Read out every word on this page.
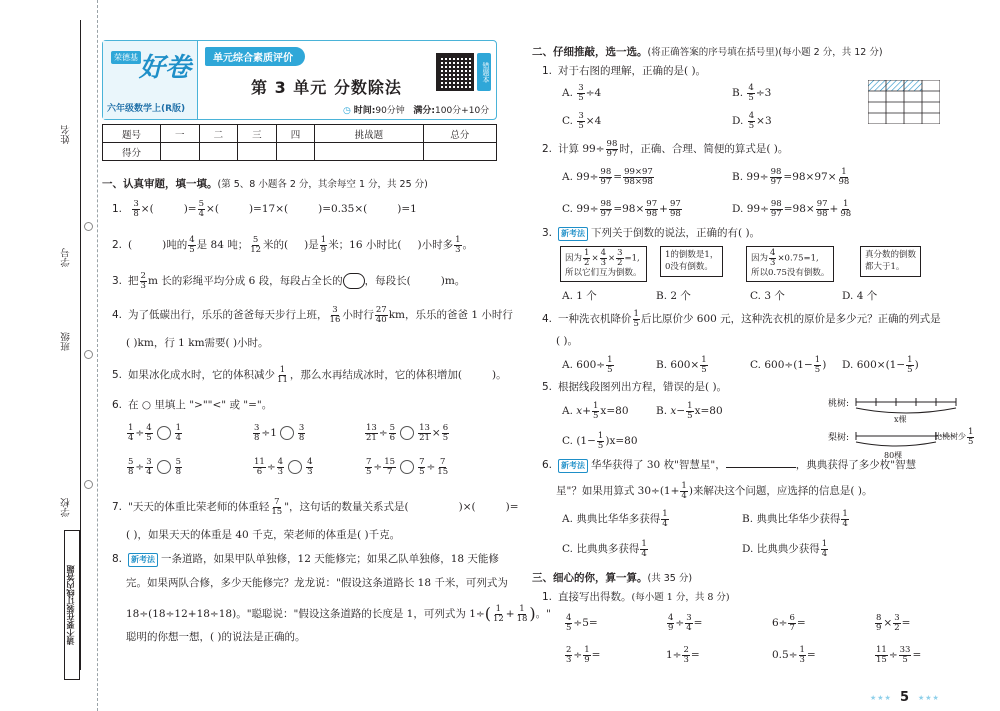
姓名
学号
班级
学校
请不要在装订线内答题
荣德基 好卷
六年级数学上(R版)
单元综合素质评价
第 3 单元 分数除法
错题本
◷ 时间:90分钟 满分:100分+10分
题号	一	二	三	四	挑战题	总分
得分						
一、认真审题，填一填。(第 5、8 小题各 2 分，其余每空 1 分，共 25 分)
1. $\frac{3}{8}$ ×(	)= $\frac{5}{4}$ ×(	)=17×(	)=0.35×(	)=1
2. (	)吨的 $\frac{4}{5}$ 是 84 吨； $\frac{5}{12}$ 米的( )是 $\frac{1}{9}$ 米；16 小时比( )小时多 $\frac{1}{3}$ 。
3. 把 $\frac{2}{3}$ m 长的彩绳平均分成 6 段，每段占全长的 ，每段长(	)m。
4. 为了低碳出行，乐乐的爸爸每天步行上班， $\frac{3}{16}$ 小时行 $\frac{27}{40}$ km，乐乐的爸爸 1 小时行
( )km，行 1 km需要( )小时。
5. 如果冰化成水时，它的体积减少 $\frac{1}{11}$ ，那么水再结成冰时，它的体积增加(	)。
6. 在 ○ 里填上 ">""<" 或 "="。
$\frac{1}{4} \div \frac{4}{5}$	$\frac{1}{4}$	$\frac{3}{8} \div 1 \frac{3}{8}$	$\frac{13}{21} \div \frac{5}{6}$	$\frac{13}{21} \times \frac{6}{5}$
$\frac{5}{8} \div \frac{3}{4}$	$\frac{5}{8}$	$\frac{11}{6} \div \frac{4}{3}$	$\frac{4}{3}$	$\frac{7}{5} \div \frac{15}{7}$	$\frac{7}{5} \div \frac{7}{15}$
7. "天天的体重比荣老师的体重轻 $\frac{7}{15}$ "，这句话的数量关系式是(	)×(	)=
( )，如果天天的体重是 40 千克，荣老师的体重是( )千克。
8. 新考法 一条道路，如果甲队单独修，12 天能修完；如果乙队单独修，18 天能修
完。如果两队合修，多少天能修完？龙龙说："假设这条道路长 18 千米，可列式为
18÷(18÷12+18÷18)。"聪聪说："假设这条道路的长度是 1，可列式为 $1\div( \frac{1}{12} + \frac{1}{18}$ )。"
聪明的你想一想，( )的说法是正确的。
二、仔细推敲，选一选。(将正确答案的序号填在括号里)(每小题 2 分，共 12 分)
1. 对于右图的理解，正确的是( )。
A. $\frac{3}{5} \div 4$	B. $\frac{4}{5} \div 3$
C. $\frac{3}{5} \times 4$	D. $\frac{4}{5} \times 3$
2. 计算 $99\div \frac{98}{97}$ 时，正确、合理、简便的算式是( )。
A. $99\div \frac{98}{97} = \frac{99\times 97}{98\times 98}$	B. $99\div \frac{98}{97} =98\times 97\times \frac{1}{98}$
C. $99\div \frac{98}{97} =98\times \frac{97}{98} + \frac{97}{98}$	D. $99\div \frac{98}{97} =98\times \frac{97}{98} + \frac{1}{98}$
3. 新考法 下列关于倒数的说法，正确的有( )。
因为 $\frac{1}{2} \times \frac{4}{3} \times \frac{3}{2} =1$,
所以它们互为倒数。
1的倒数是1，
0没有倒数。
因为 $\frac{4}{3} \times 0.75=1$,
所以0.75没有倒数。
真分数的倒数
都大于1。
A. 1 个	B. 2 个	C. 3 个	D. 4 个
4. 一种洗衣机降价 $\frac{1}{5}$ 后比原价少 600 元，这种洗衣机的原价是多少元？正确的列式是
( )。
A. $600\div \frac{1}{5}$	B. $600\times \frac{1}{5}$	C. $600\div(1- \frac{1}{5}$ ) D. $600\times(1- \frac{1}{5}$ )
5. 根据线段图列出方程，错误的是( )。
A. $x+ \frac{1}{5} x=80$	B. $x- \frac{1}{5} x=80$
C. $(1- \frac{1}{5} )x=80$
桃树:
梨树:
x棵
比桃树少 $\frac{1}{5}$
80棵
6. 新考法 华华获得了 30 枚"智慧星"，	，典典获得了多少枚"智慧
星"？如果用算式 $30\div(1+ \frac{1}{4}$ )来解决这个问题，应选择的信息是( )。
A. 典典比华华多获得 $\frac{1}{4}$	B. 典典比华华少获得 $\frac{1}{4}$
C. 比典典多获得 $\frac{1}{4}$	D. 比典典少获得 $\frac{1}{4}$
三、细心的你，算一算。(共 35 分)
1. 直接写出得数。(每小题 1 分，共 8 分)
$\frac{4}{5} \div 5=$	$\frac{4}{9} \div \frac{3}{4}$ =	$6\div \frac{6}{7}$ =	$\frac{8}{9} \times \frac{3}{2}$ =
$\frac{2}{3} \div \frac{1}{9}$ =	$1\div \frac{2}{3}$ =	$0.5\div \frac{1}{3}$ =	$\frac{11}{15} \div \frac{33}{5}$ =
★★★ 5 ★★★
